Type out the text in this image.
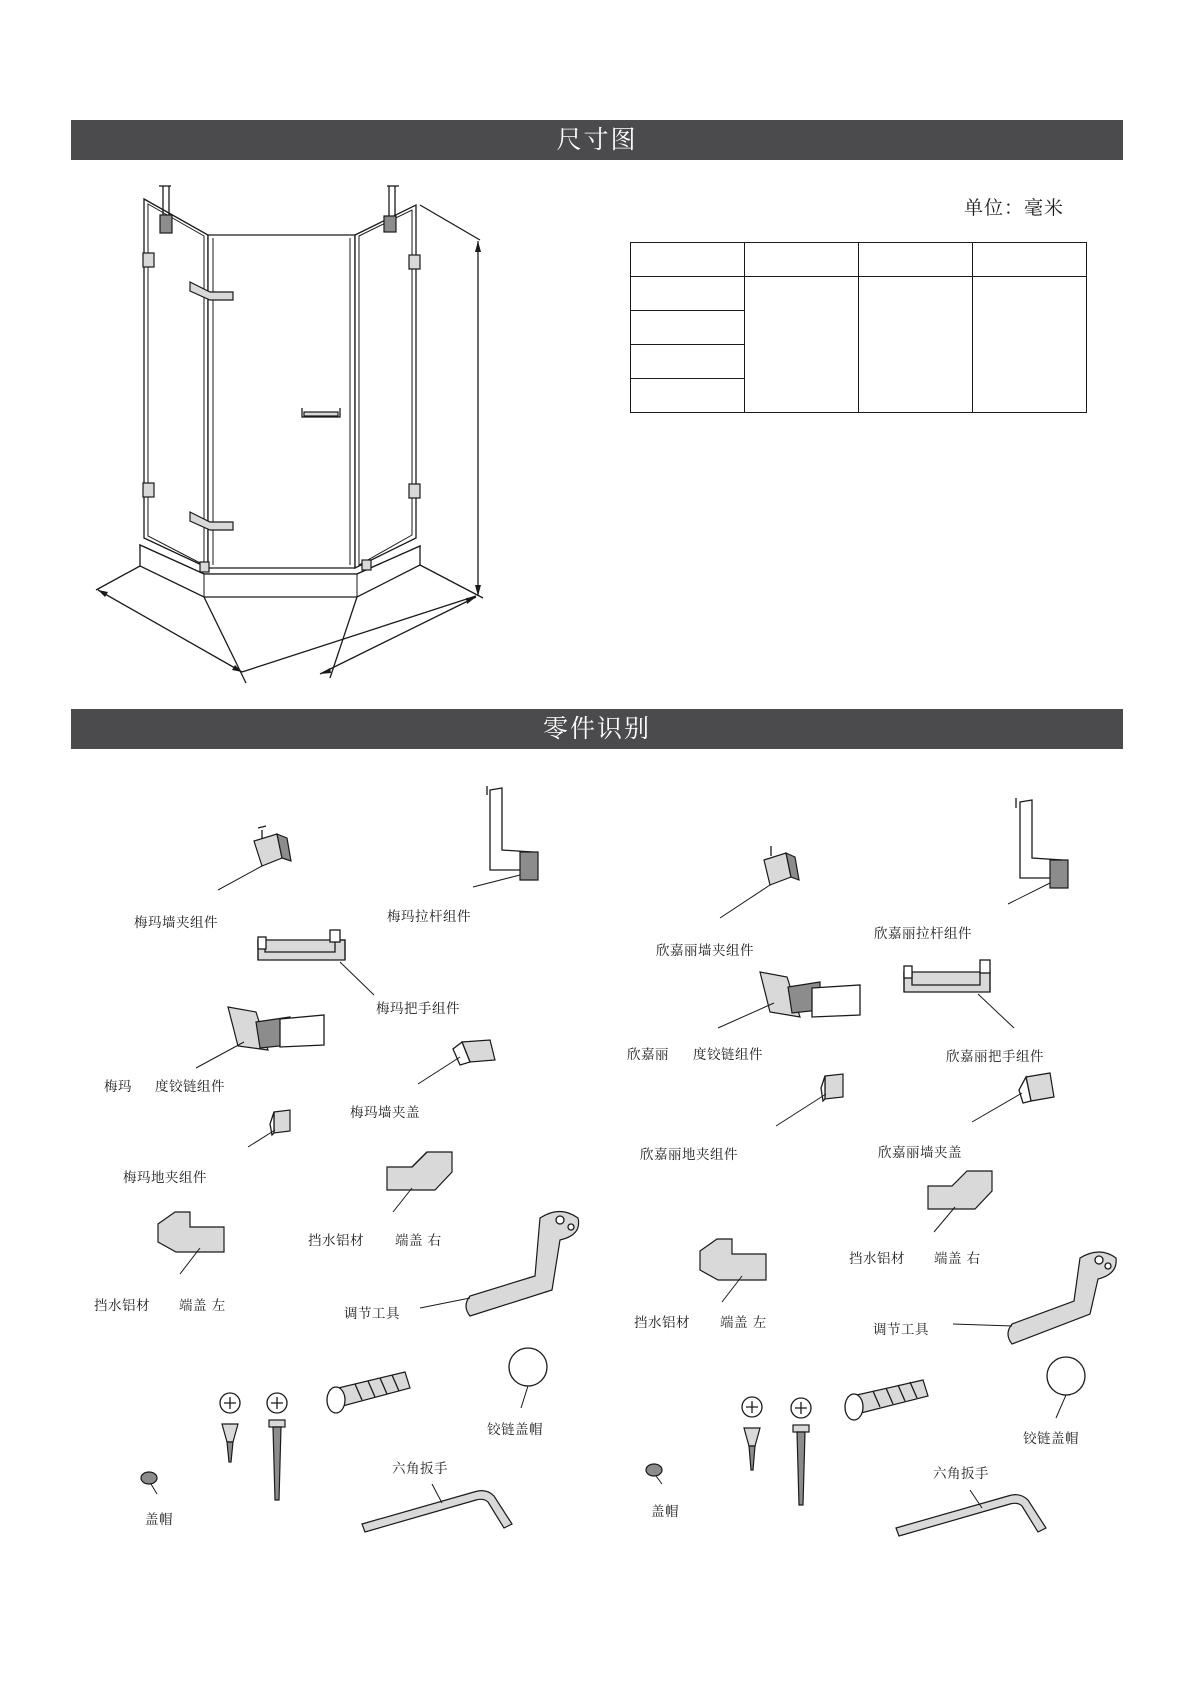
尺寸图
零件识别
单位：毫米

梅玛墙夹组件	梅玛拉杆组件
梅玛把手组件
梅玛 度铰链组件
梅玛墙夹盖
梅玛地夹组件
挡水铝材 端盖 右
挡水铝材 端盖 左	调节工具
铰链盖帽
六角扳手
盖帽
欣嘉丽墙夹组件
欣嘉丽拉杆组件
欣嘉丽 度铰链组件	欣嘉丽把手组件
欣嘉丽地夹组件	欣嘉丽墙夹盖
挡水铝材 端盖 右
挡水铝材 端盖 左	调节工具
铰链盖帽
六角扳手
盖帽
